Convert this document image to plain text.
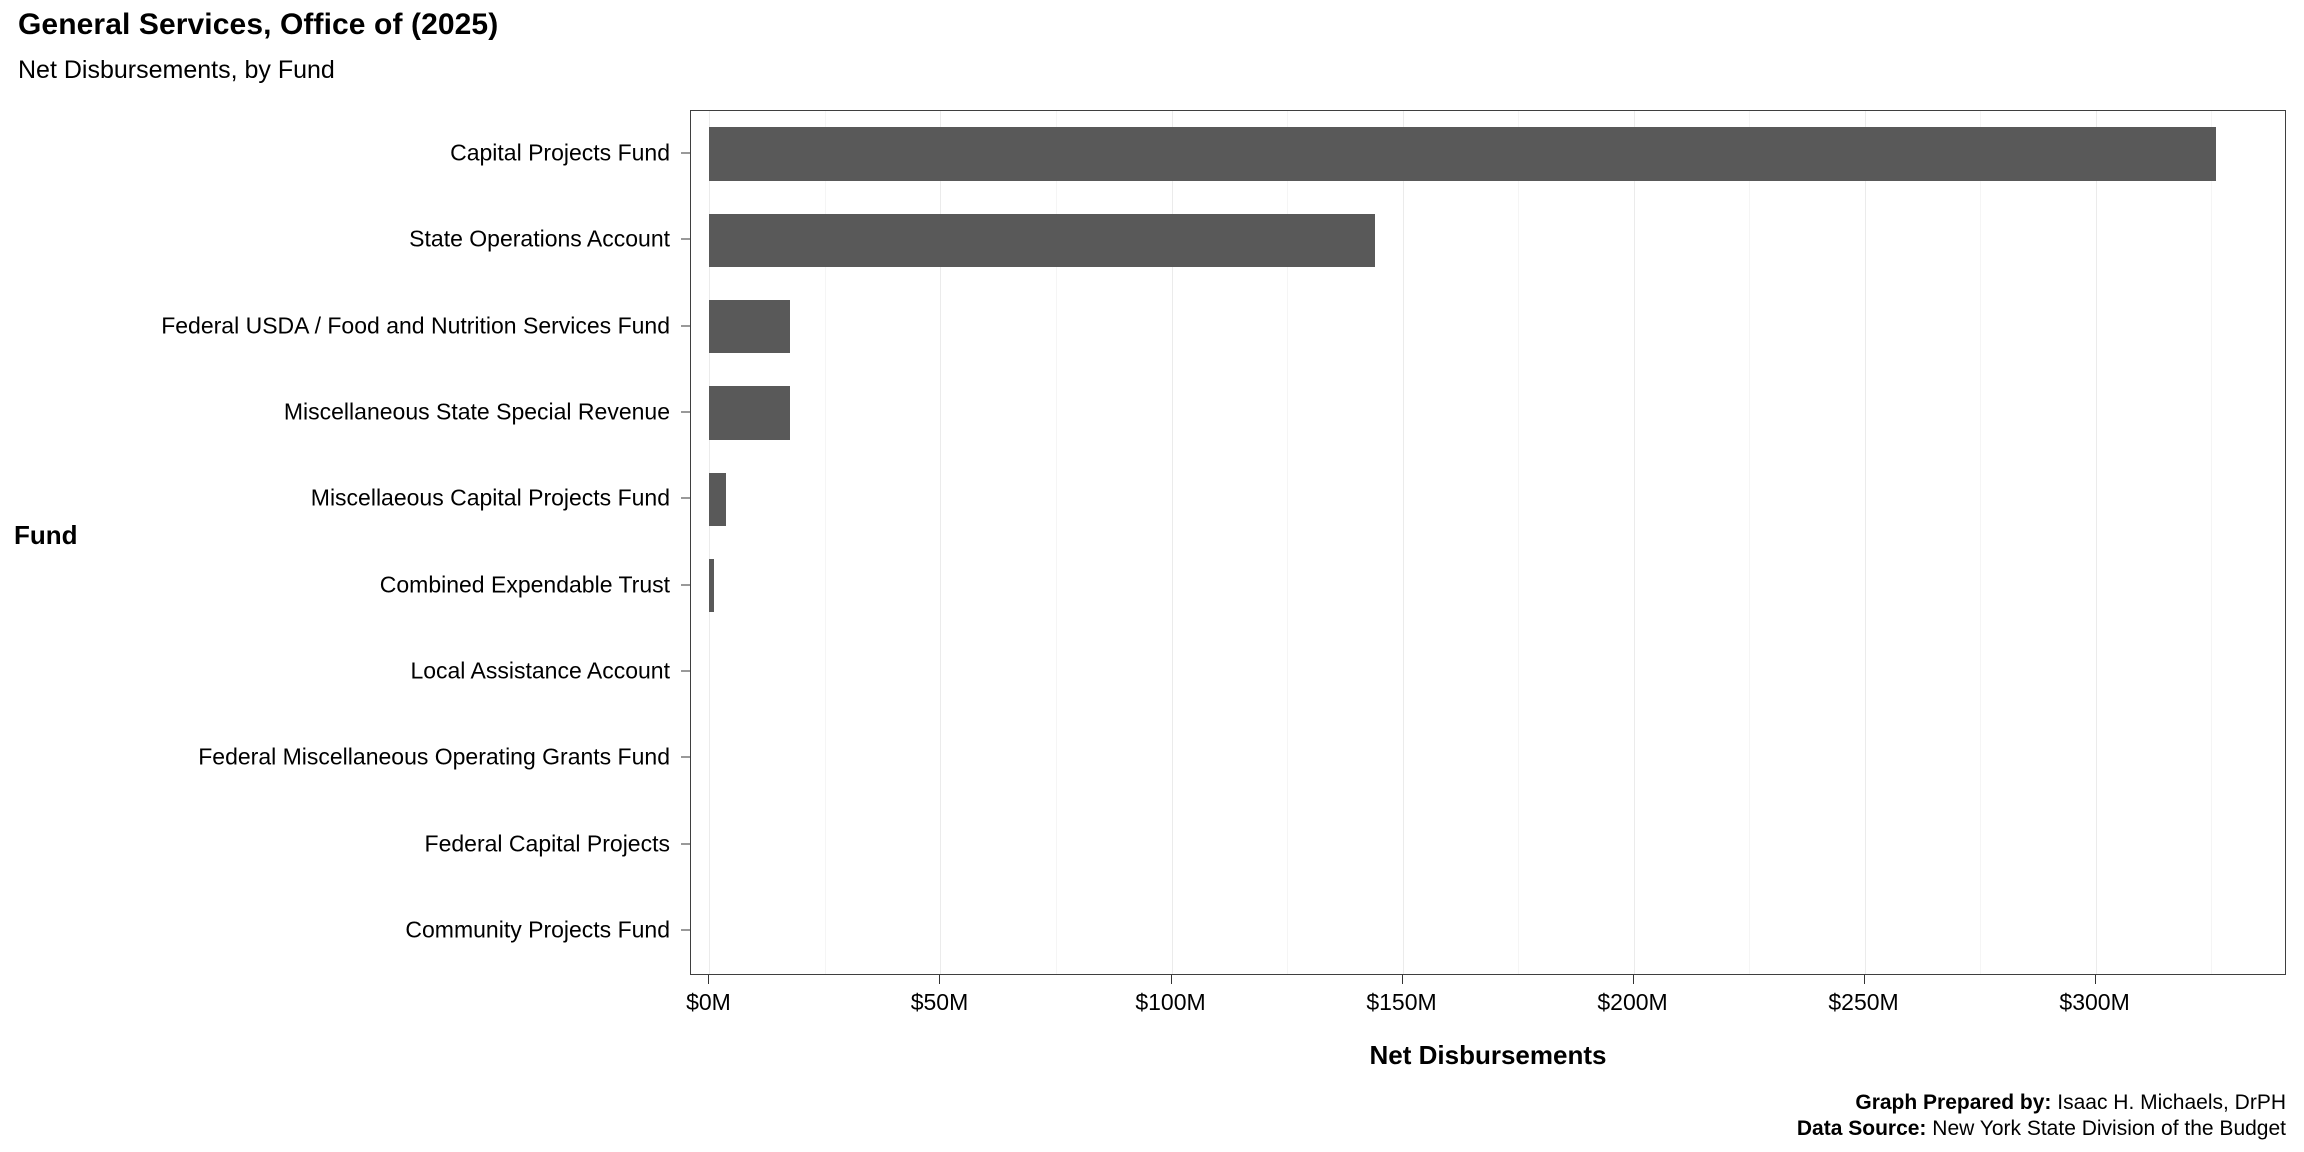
General Services, Office of (2025)
Net Disbursements, by Fund
Fund
Capital Projects Fund
State Operations Account
Federal USDA / Food and Nutrition Services Fund
Miscellaneous State Special Revenue
Miscellaeous Capital Projects Fund
Combined Expendable Trust
Local Assistance Account
Federal Miscellaneous Operating Grants Fund
Federal Capital Projects
Community Projects Fund
$0M	$50M	$100M	$150M	$200M	$250M	$300M
Net Disbursements
Graph Prepared by: Isaac H. Michaels, DrPH
Data Source: New York State Division of the Budget
